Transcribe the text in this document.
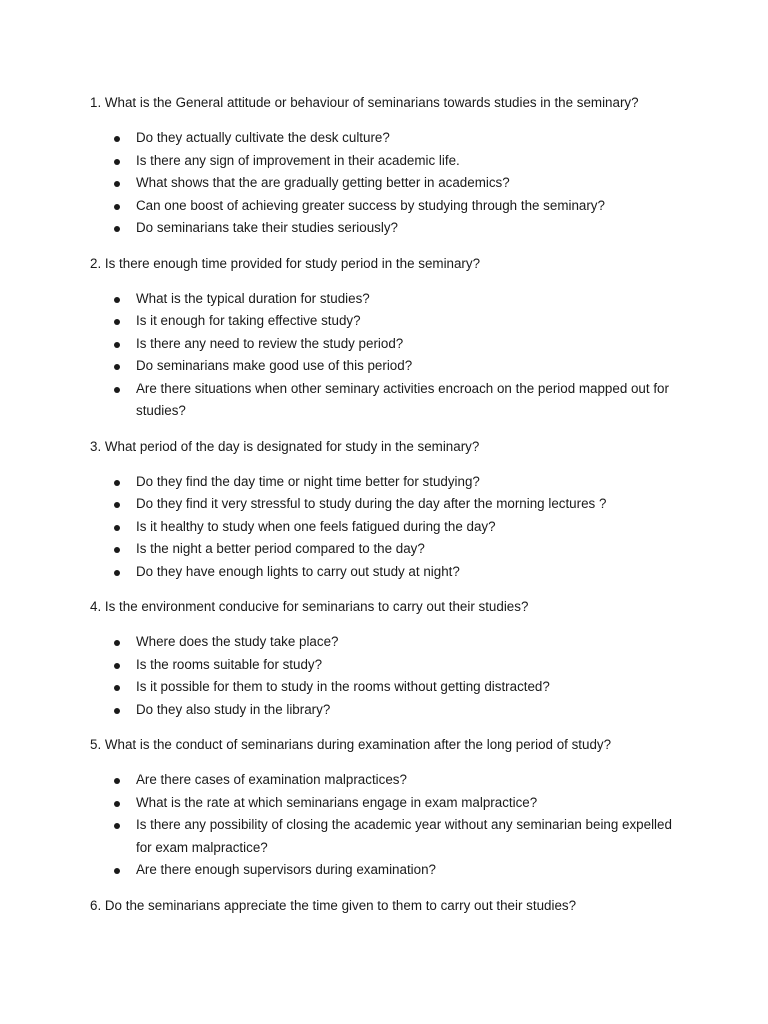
1. What is the General attitude or behaviour of seminarians towards studies in the seminary?

Do they actually cultivate the desk culture?
Is there any sign of improvement in their academic life.
What shows that the are gradually getting better in academics?
Can one boost of achieving greater success by studying through the seminary?
Do seminarians take their studies seriously?

2. Is there enough time provided for study period in the seminary?

What is the typical duration for studies?
Is it enough for taking effective study?
Is there any need to review the study period?
Do seminarians make good use of this period?
Are there situations when other seminary activities encroach on the period mapped out for studies?

3. What period of the day is designated for study in the seminary?

Do they find the day time or night time better for studying?
Do they find it very stressful to study during the day after the morning lectures ?
Is it healthy to study when one feels fatigued during the day?
Is the night a better period compared to the day?
Do they have enough lights to carry out study at night?

4. Is the environment conducive for seminarians to carry out their studies?

Where does the study take place?
Is the rooms suitable for study?
Is it possible for them to study in the rooms without getting distracted?
Do they also study in the library?

5. What is the conduct of seminarians during examination after the long period of study?

Are there cases of examination malpractices?
What is the rate at which seminarians engage in exam malpractice?
Is there any possibility of closing the academic year without any seminarian being expelled for exam malpractice?
Are there enough supervisors during examination?

6. Do the seminarians appreciate the time given to them to carry out their studies?
